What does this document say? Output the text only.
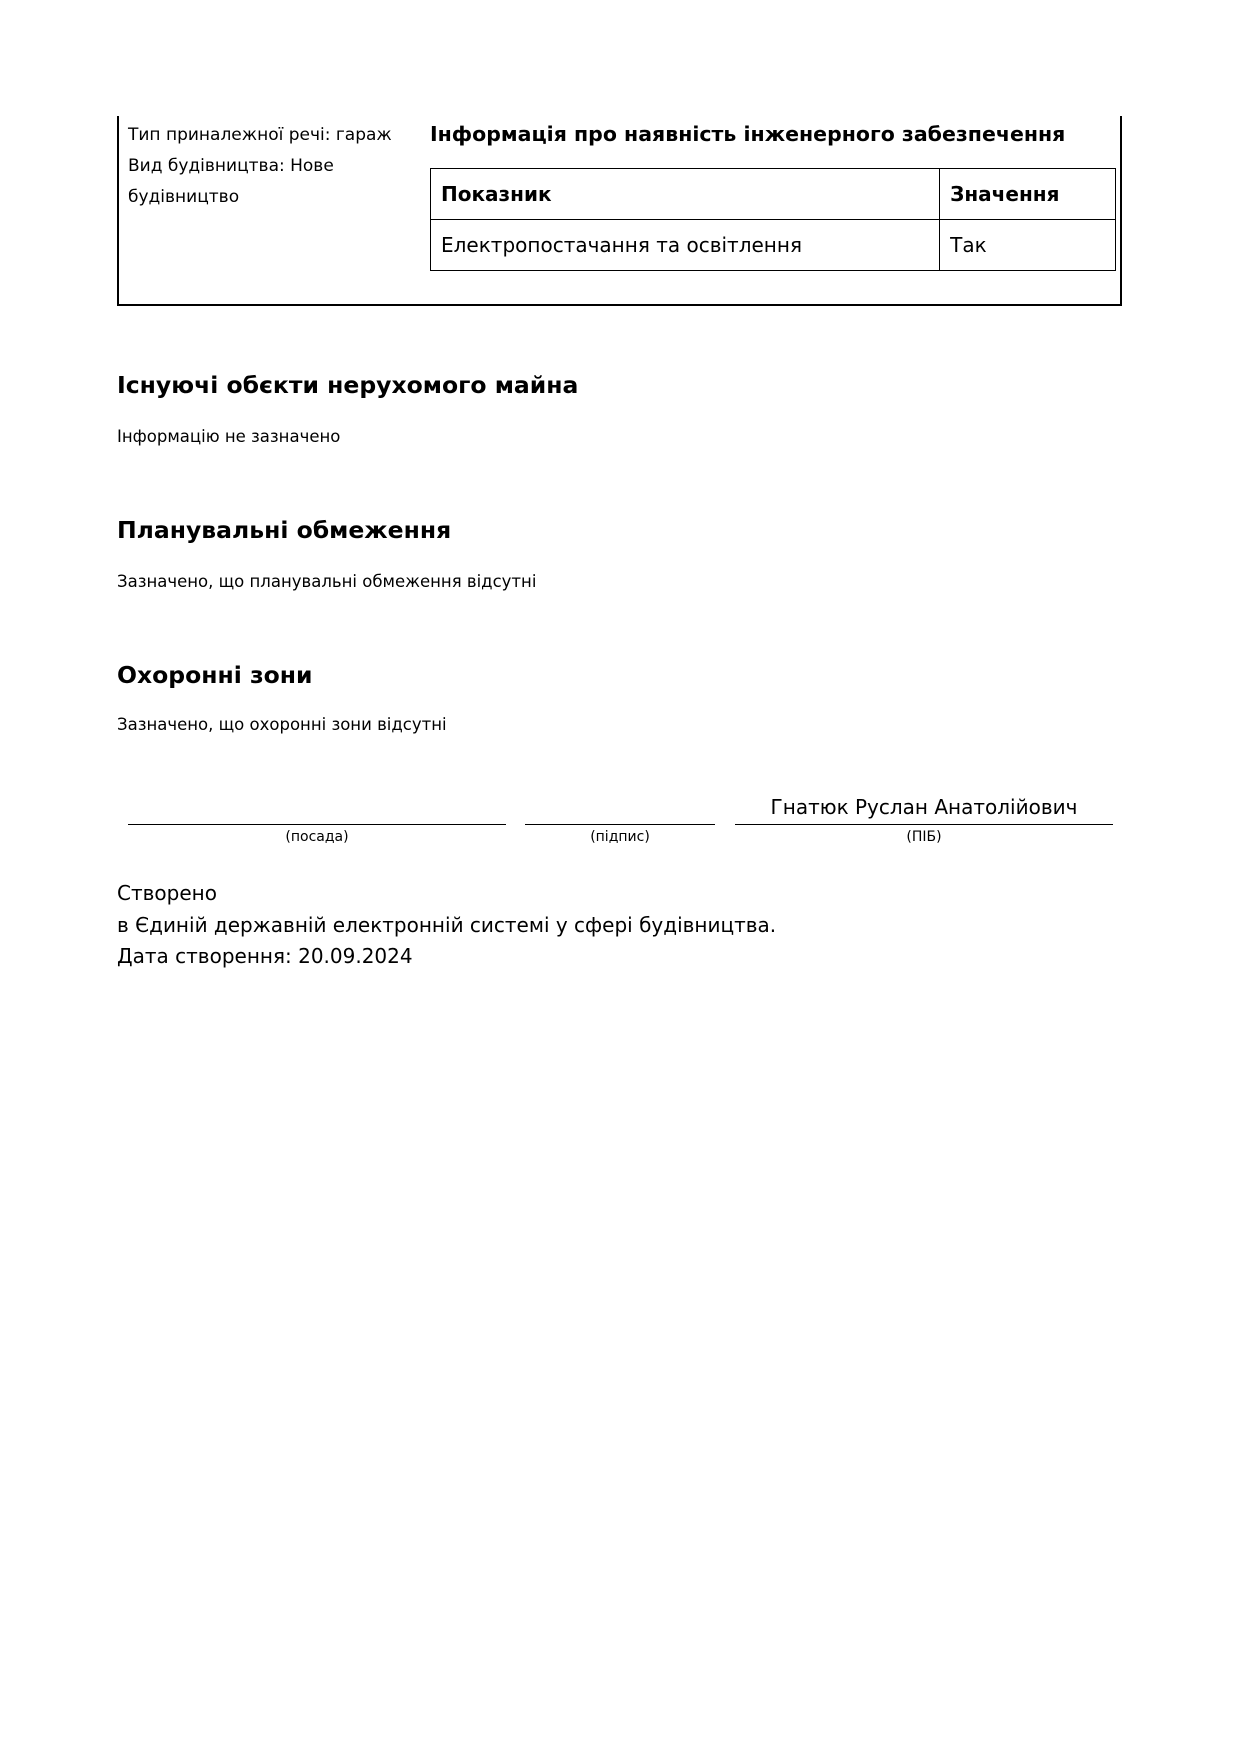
Тип приналежної речі: гараж
Вид будівництва: Нове
будівництво
Інформація про наявність інженерного забезпечення
Показник	Значення
Електропостачання та освітлення	Так
Існуючі обєкти нерухомого майна
Інформацію не зазначено
Планувальні обмеження
Зазначено, що планувальні обмеження відсутні
Охоронні зони
Зазначено, що охоронні зони відсутні
(посада)	(підпис)
Гнатюк Руслан Анатолійович
(ПІБ)
Створено
в Єдиній державній електронній системі у сфері будівництва.
Дата створення: 20.09.2024
